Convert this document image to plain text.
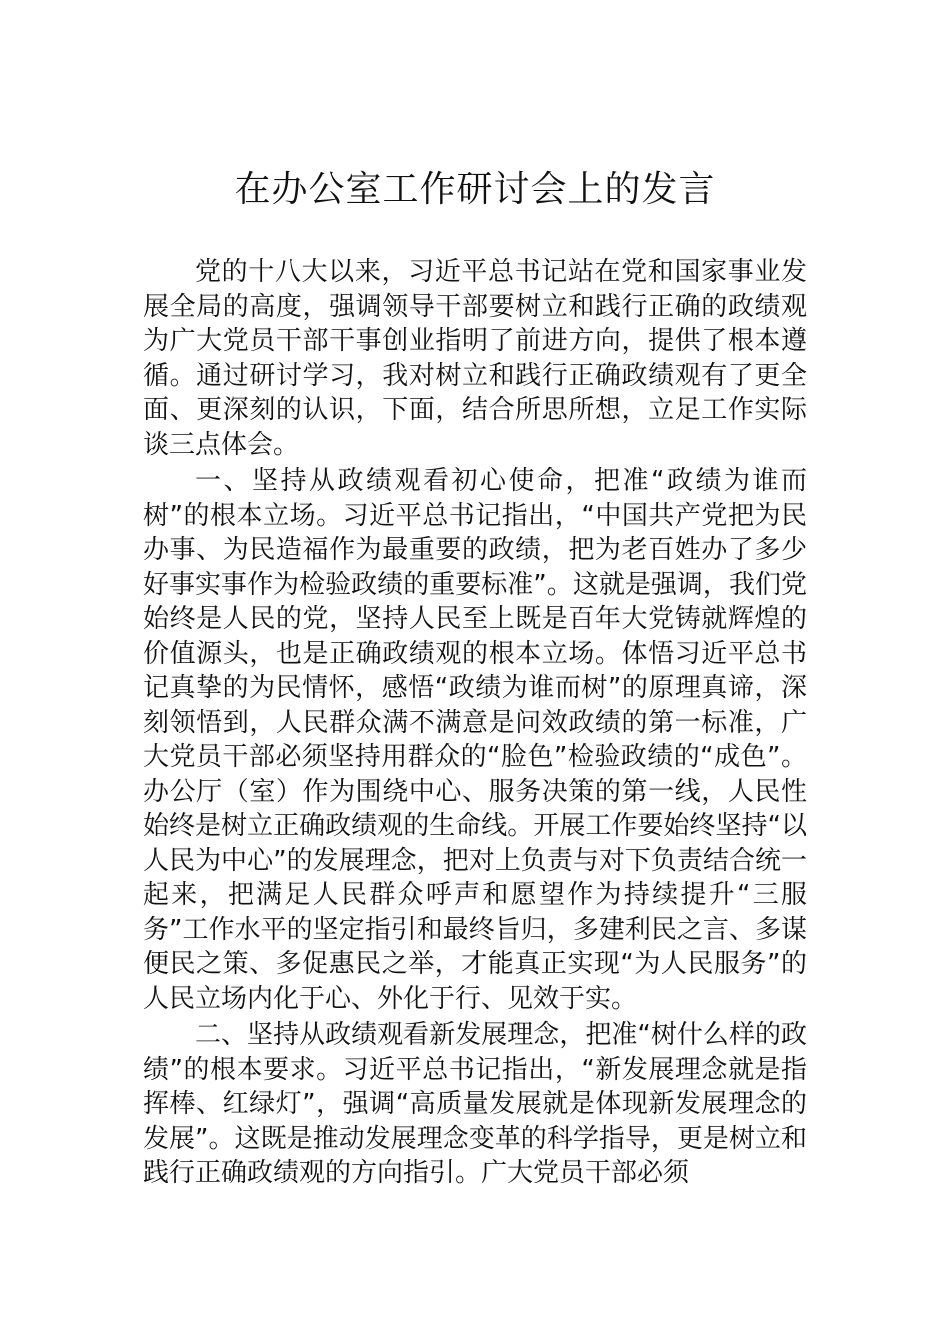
在办公室工作研讨会上的发言

党的十八大以来，习近平总书记站在党和国家事业发展全局的高度，强调领导干部要树立和践行正确的政绩观为广大党员干部干事创业指明了前进方向，提供了根本遵循。通过研讨学习，我对树立和践行正确政绩观有了更全面、更深刻的认识，下面，结合所思所想，立足工作实际谈三点体会。

一、坚持从政绩观看初心使命，把准“政绩为谁而树”的根本立场。习近平总书记指出，“中国共产党把为民办事、为民造福作为最重要的政绩，把为老百姓办了多少好事实事作为检验政绩的重要标准”。这就是强调，我们党始终是人民的党，坚持人民至上既是百年大党铸就辉煌的价值源头，也是正确政绩观的根本立场。体悟习近平总书记真挚的为民情怀，感悟“政绩为谁而树”的原理真谛，深刻领悟到，人民群众满不满意是问效政绩的第一标准，广大党员干部必须坚持用群众的“脸色”检验政绩的“成色”。办公厅（室）作为围绕中心、服务决策的第一线，人民性始终是树立正确政绩观的生命线。开展工作要始终坚持“以人民为中心”的发展理念，把对上负责与对下负责结合统一起来，把满足人民群众呼声和愿望作为持续提升“三服务”工作水平的坚定指引和最终旨归，多建利民之言、多谋便民之策、多促惠民之举，才能真正实现“为人民服务”的人民立场内化于心、外化于行、见效于实。

二、坚持从政绩观看新发展理念，把准“树什么样的政绩”的根本要求。习近平总书记指出，“新发展理念就是指挥棒、红绿灯”，强调“高质量发展就是体现新发展理念的发展”。这既是推动发展理念变革的科学指导，更是树立和践行正确政绩观的方向指引。广大党员干部必须
